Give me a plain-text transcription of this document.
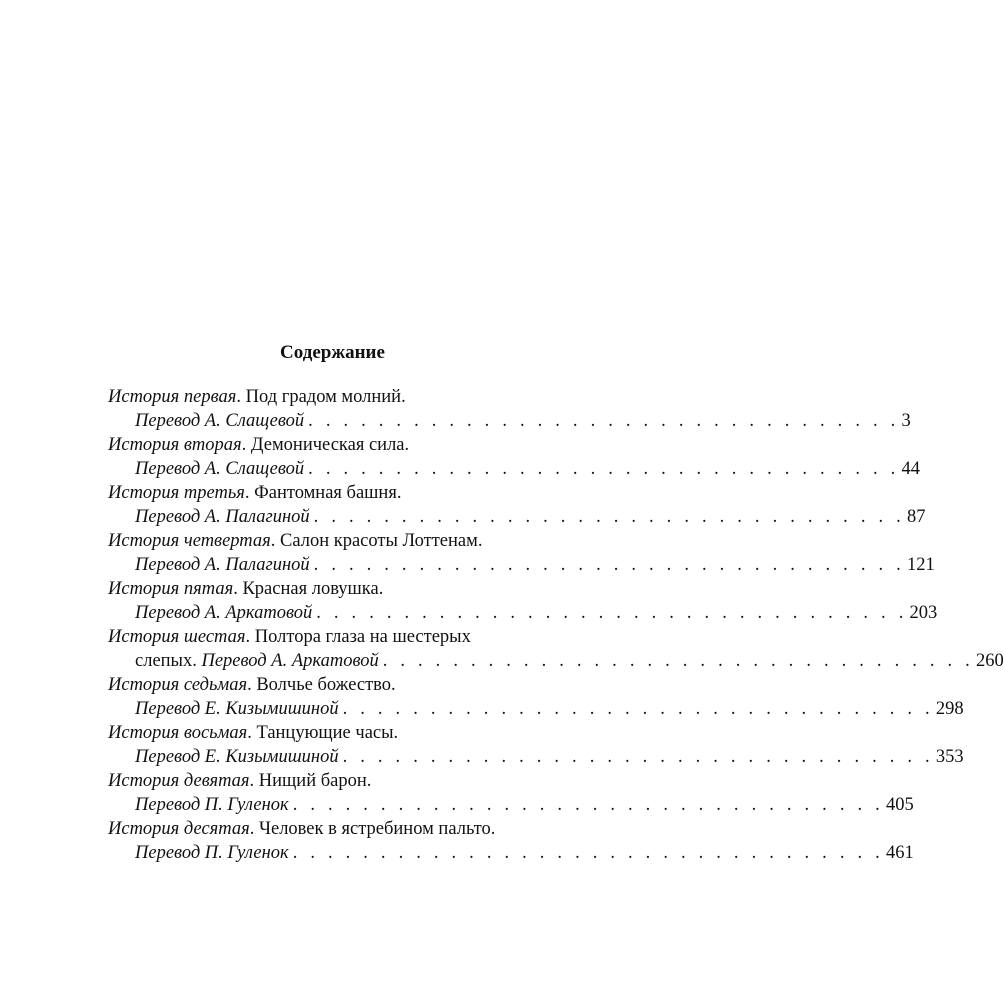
Содержание
История первая. Под градом молний.
Перевод А. Слащевой . . . . . . . . . . . . . . . . . . . . . . . . . . . . . . . . . . 3
История вторая. Демоническая сила.
Перевод А. Слащевой . . . . . . . . . . . . . . . . . . . . . . . . . . . . . . . . . . 44
История третья. Фантомная башня.
Перевод А. Палагиной . . . . . . . . . . . . . . . . . . . . . . . . . . . . . . . . . . 87
История четвертая. Салон красоты Лоттенам.
Перевод А. Палагиной . . . . . . . . . . . . . . . . . . . . . . . . . . . . . . . . . . 121
История пятая. Красная ловушка.
Перевод А. Аркатовой . . . . . . . . . . . . . . . . . . . . . . . . . . . . . . . . . . 203
История шестая. Полтора глаза на шестерых
слепых. Перевод А. Аркатовой . . . . . . . . . . . . . . . . . . . . . . . . . . . . . . . . . . 260
История седьмая. Волчье божество.
Перевод Е. Кизымишиной . . . . . . . . . . . . . . . . . . . . . . . . . . . . . . . . . . 298
История восьмая. Танцующие часы.
Перевод Е. Кизымишиной . . . . . . . . . . . . . . . . . . . . . . . . . . . . . . . . . . 353
История девятая. Нищий барон.
Перевод П. Гуленок . . . . . . . . . . . . . . . . . . . . . . . . . . . . . . . . . . 405
История десятая. Человек в ястребином пальто.
Перевод П. Гуленок . . . . . . . . . . . . . . . . . . . . . . . . . . . . . . . . . . 461
